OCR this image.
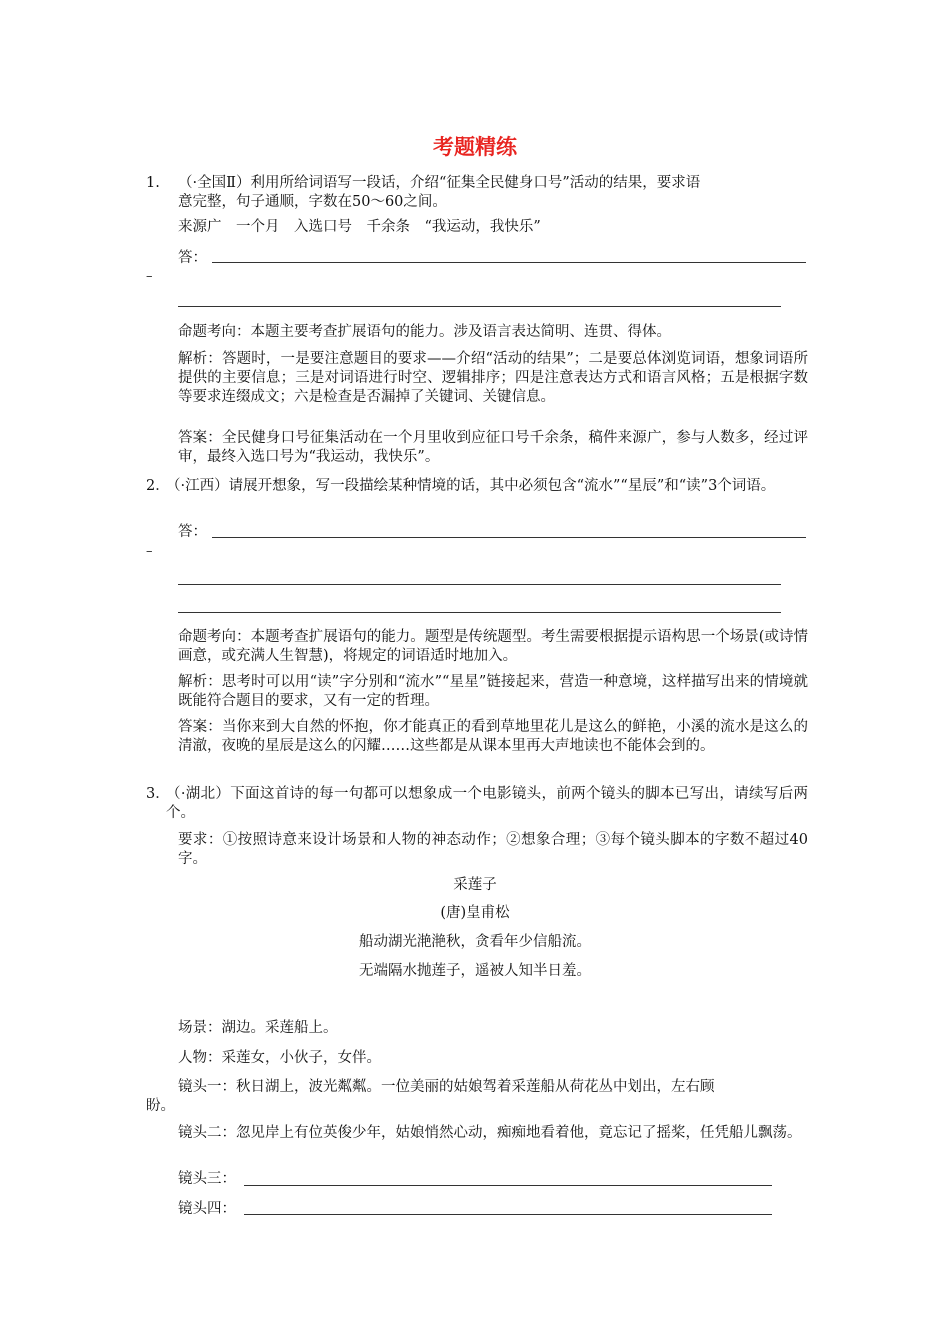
考题精练
1. （·全国Ⅱ）利用所给词语写一段话，介绍“征集全民健身口号”活动的结果，要求语
意完整，句子通顺，字数在50～60之间。
来源广　一个月　入选口号　千余条　“我运动，我快乐”
答：
–
命题考向：本题主要考查扩展语句的能力。涉及语言表达简明、连贯、得体。
解析：答题时，一是要注意题目的要求——介绍“活动的结果”；二是要总体浏览词语，想象词语所提供的主要信息；三是对词语进行时空、逻辑排序；四是注意表达方式和语言风格；五是根据字数等要求连缀成文；六是检查是否漏掉了关键词、关键信息。
答案：全民健身口号征集活动在一个月里收到应征口号千余条，稿件来源广，参与人数多，经过评审，最终入选口号为“我运动，我快乐”。
2．
（·江西）请展开想象，写一段描绘某种情境的话，其中必须包含“流水”“星辰”和“读”3个词语。
答：
–
命题考向：本题考查扩展语句的能力。题型是传统题型。考生需要根据提示语构思一个场景(或诗情画意，或充满人生智慧)，将规定的词语适时地加入。
解析：思考时可以用“读”字分别和“流水”“星星”链接起来，营造一种意境，这样描写出来的情境就既能符合题目的要求，又有一定的哲理。
答案：当你来到大自然的怀抱，你才能真正的看到草地里花儿是这么的鲜艳，小溪的流水是这么的清澈，夜晚的星辰是这么的闪耀……这些都是从课本里再大声地读也不能体会到的。
3．
（·湖北）下面这首诗的每一句都可以想象成一个电影镜头，前两个镜头的脚本已写出，请续写后两个。
要求：①按照诗意来设计场景和人物的神态动作；②想象合理；③每个镜头脚本的字数不超过40字。
采莲子
(唐)皇甫松
船动湖光滟滟秋，贪看年少信船流。
无端隔水抛莲子，遥被人知半日羞。
场景：湖边。采莲船上。
人物：采莲女，小伙子，女伴。
镜头一：秋日湖上，波光粼粼。一位美丽的姑娘驾着采莲船从荷花丛中划出，左右顾
盼。
镜头二：忽见岸上有位英俊少年，姑娘悄然心动，痴痴地看着他，竟忘记了摇桨，任凭船儿飘荡。
镜头三：
镜头四：
